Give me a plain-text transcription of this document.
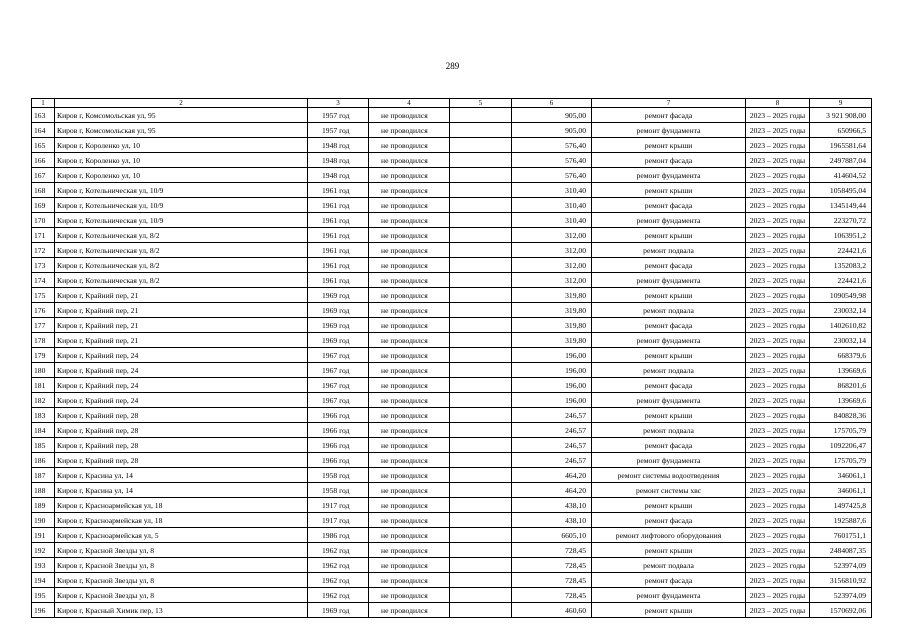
289
1	2	3	4	5	6	7	8	9
163	Киров г, Комсомольская ул, 95	1957 год	не проводился		905,00	ремонт фасада	2023 – 2025 годы	3 921 908,00
164	Киров г, Комсомольская ул, 95	1957 год	не проводился		905,00	ремонт фундамента	2023 – 2025 годы	650966,5
165	Киров г, Короленко ул, 10	1948 год	не проводился		576,40	ремонт крыши	2023 – 2025 годы	1965581,64
166	Киров г, Короленко ул, 10	1948 год	не проводился		576,40	ремонт фасада	2023 – 2025 годы	2497887,04
167	Киров г, Короленко ул, 10	1948 год	не проводился		576,40	ремонт фундамента	2023 – 2025 годы	414604,52
168	Киров г, Котельническая ул, 10/9	1961 год	не проводился		310,40	ремонт крыши	2023 – 2025 годы	1058495,04
169	Киров г, Котельническая ул, 10/9	1961 год	не проводился		310,40	ремонт фасада	2023 – 2025 годы	1345149,44
170	Киров г, Котельническая ул, 10/9	1961 год	не проводился		310,40	ремонт фундамента	2023 – 2025 годы	223270,72
171	Киров г, Котельническая ул, 8/2	1961 год	не проводился		312,00	ремонт крыши	2023 – 2025 годы	1063951,2
172	Киров г, Котельническая ул, 8/2	1961 год	не проводился		312,00	ремонт подвала	2023 – 2025 годы	224421,6
173	Киров г, Котельническая ул, 8/2	1961 год	не проводился		312,00	ремонт фасада	2023 – 2025 годы	1352083,2
174	Киров г, Котельническая ул, 8/2	1961 год	не проводился		312,00	ремонт фундамента	2023 – 2025 годы	224421,6
175	Киров г, Крайний пер, 21	1969 год	не проводился		319,80	ремонт крыши	2023 – 2025 годы	1090549,98
176	Киров г, Крайний пер, 21	1969 год	не проводился		319,80	ремонт подвала	2023 – 2025 годы	230032,14
177	Киров г, Крайний пер, 21	1969 год	не проводился		319,80	ремонт фасада	2023 – 2025 годы	1402610,82
178	Киров г, Крайний пер, 21	1969 год	не проводился		319,80	ремонт фундамента	2023 – 2025 годы	230032,14
179	Киров г, Крайний пер, 24	1967 год	не проводился		196,00	ремонт крыши	2023 – 2025 годы	668379,6
180	Киров г, Крайний пер, 24	1967 год	не проводился		196,00	ремонт подвала	2023 – 2025 годы	139669,6
181	Киров г, Крайний пер, 24	1967 год	не проводился		196,00	ремонт фасада	2023 – 2025 годы	868201,6
182	Киров г, Крайний пер, 24	1967 год	не проводился		196,00	ремонт фундамента	2023 – 2025 годы	139669,6
183	Киров г, Крайний пер, 28	1966 год	не проводился		246,57	ремонт крыши	2023 – 2025 годы	840828,36
184	Киров г, Крайний пер, 28	1966 год	не проводился		246,57	ремонт подвала	2023 – 2025 годы	175705,79
185	Киров г, Крайний пер, 28	1966 год	не проводился		246,57	ремонт фасада	2023 – 2025 годы	1092206,47
186	Киров г, Крайний пер, 28	1966 год	не проводился		246,57	ремонт фундамента	2023 – 2025 годы	175705,79
187	Киров г, Красина ул, 14	1958 год	не проводился		464,20	ремонт системы водоотведения	2023 – 2025 годы	346061,1
188	Киров г, Красина ул, 14	1958 год	не проводился		464,20	ремонт системы хвс	2023 – 2025 годы	346061,1
189	Киров г, Красноармейская ул, 18	1917 год	не проводился		438,10	ремонт крыши	2023 – 2025 годы	1497425,8
190	Киров г, Красноармейская ул, 18	1917 год	не проводился		438,10	ремонт фасада	2023 – 2025 годы	1925887,6
191	Киров г, Красноармейская ул, 5	1986 год	не проводился		6605,10	ремонт лифтового оборудования	2023 – 2025 годы	7601751,1
192	Киров г, Красной Звезды ул, 8	1962 год	не проводился		728,45	ремонт крыши	2023 – 2025 годы	2484087,35
193	Киров г, Красной Звезды ул, 8	1962 год	не проводился		728,45	ремонт подвала	2023 – 2025 годы	523974,09
194	Киров г, Красной Звезды ул, 8	1962 год	не проводился		728,45	ремонт фасада	2023 – 2025 годы	3156810,92
195	Киров г, Красной Звезды ул, 8	1962 год	не проводился		728,45	ремонт фундамента	2023 – 2025 годы	523974,09
196	Киров г, Красный Химик пер, 13	1969 год	не проводился		460,60	ремонт крыши	2023 – 2025 годы	1570692,06
